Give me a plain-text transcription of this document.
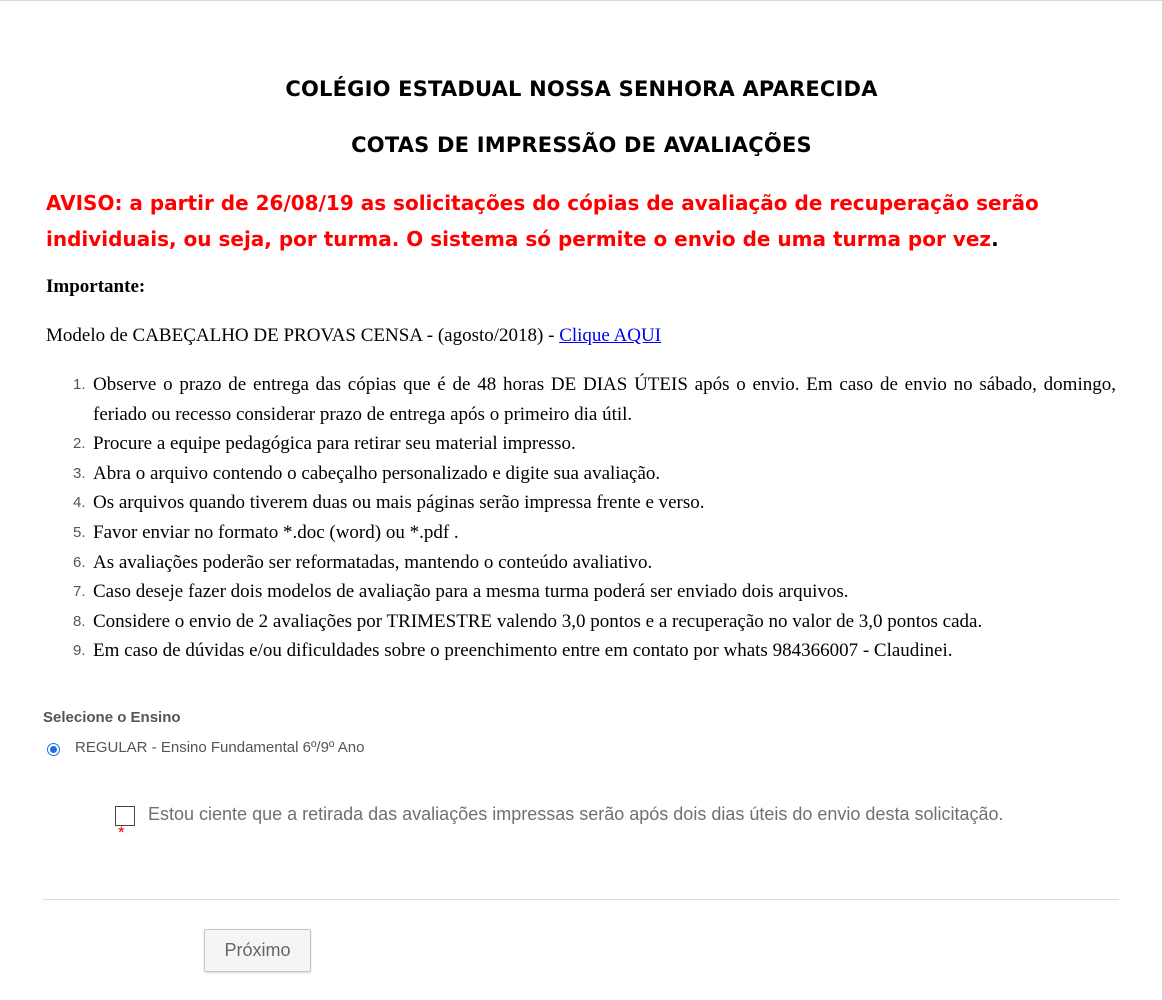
COLÉGIO ESTADUAL NOSSA SENHORA APARECIDA
COTAS DE IMPRESSÃO DE AVALIAÇÕES
AVISO: a partir de 26/08/19 as solicitações do cópias de avaliação de recuperação serão individuais, ou seja, por turma. O sistema só permite o envio de uma turma por vez.
Importante:
Modelo de CABEÇALHO DE PROVAS CENSA - (agosto/2018) - Clique AQUI
1. Observe o prazo de entrega das cópias que é de 48 horas DE DIAS ÚTEIS após o envio. Em caso de envio no sábado, domingo, feriado ou recesso considerar prazo de entrega após o primeiro dia útil.
2. Procure a equipe pedagógica para retirar seu material impresso.
3. Abra o arquivo contendo o cabeçalho personalizado e digite sua avaliação.
4. Os arquivos quando tiverem duas ou mais páginas serão impressa frente e verso.
5. Favor enviar no formato *.doc (word) ou *.pdf .
6. As avaliações poderão ser reformatadas, mantendo o conteúdo avaliativo.
7. Caso deseje fazer dois modelos de avaliação para a mesma turma poderá ser enviado dois arquivos.
8. Considere o envio de 2 avaliações por TRIMESTRE valendo 3,0 pontos e a recuperação no valor de 3,0 pontos cada.
9. Em caso de dúvidas e/ou dificuldades sobre o preenchimento entre em contato por whats 984366007 - Claudinei.
Selecione o Ensino
REGULAR - Ensino Fundamental 6º/9º Ano
Estou ciente que a retirada das avaliações impressas serão após dois dias úteis do envio desta solicitação.
*
Próximo
